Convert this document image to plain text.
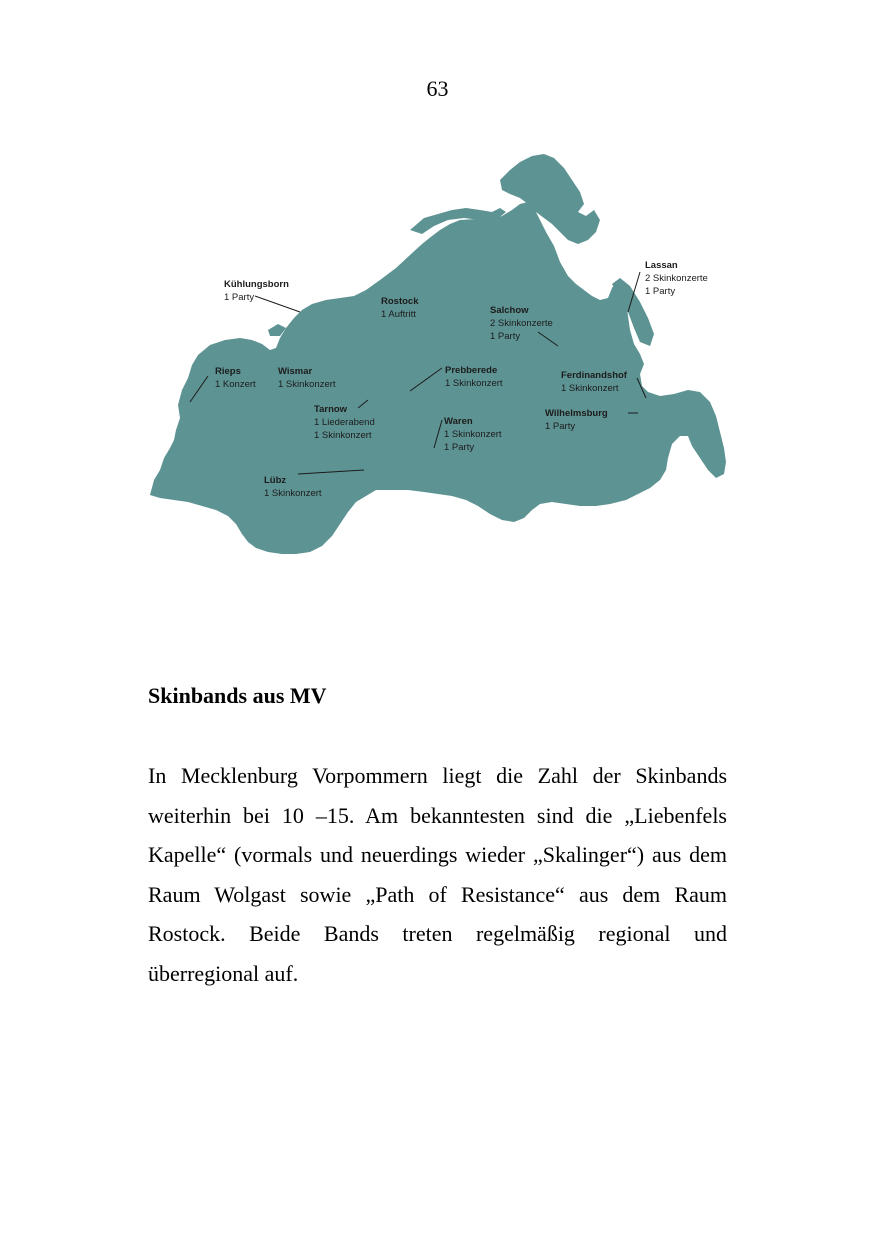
63
Kühlungsborn
1 Party	Rostock
1 Auftritt	Salchow
2 Skinkonzerte
1 Party
Lassan
2 Skinkonzerte
1 Party
Rieps
1 Konzert
Wismar
1 Skinkonzert
Prebberede
1 Skinkonzert
Ferdinandshof
1 Skinkonzert
Tarnow
1 Liederabend
1 Skinkonzert
Waren
1 Skinkonzert
1 Party
Wilhelmsburg
1 Party
Lübz
1 Skinkonzert
Skinbands aus MV
In Mecklenburg Vorpommern liegt die Zahl der Skinbands weiterhin bei 10 –15. Am bekanntesten sind die „Liebenfels Kapelle“ (vormals und neuerdings wieder „Skalinger“) aus dem Raum Wolgast sowie „Path of Resistance“ aus dem Raum Rostock. Beide Bands treten regelmäßig regional und überregional auf.
